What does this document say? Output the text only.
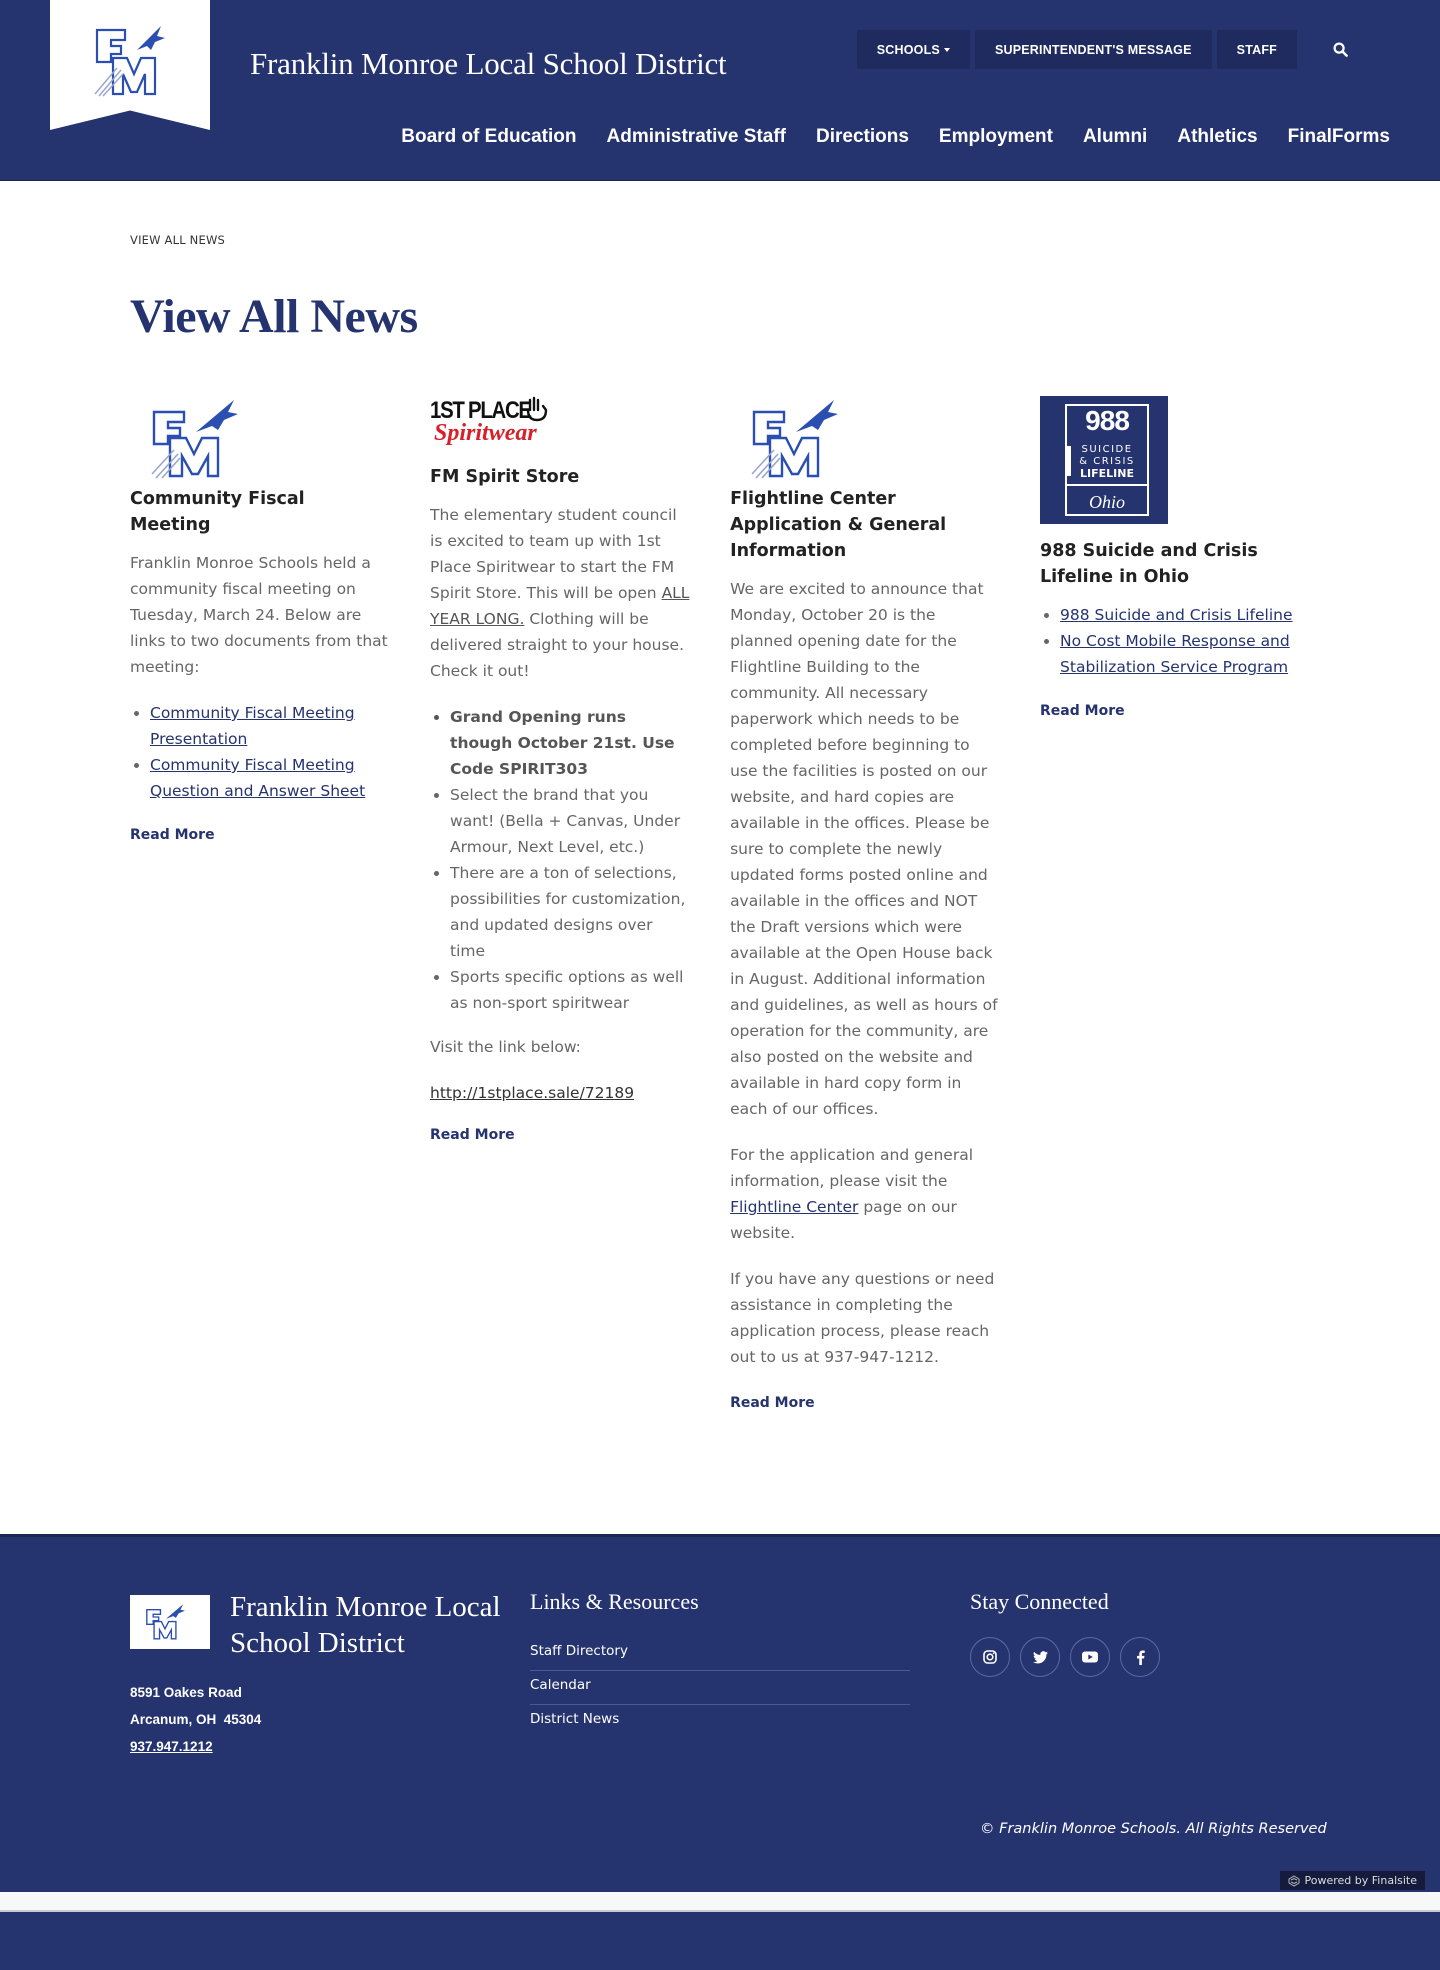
Franklin Monroe Local School District	SCHOOLS	SUPERINTENDENT'S MESSAGE	STAFF
Board of Education	Administrative Staff	Directions	Employment	Alumni	Athletics	FinalForms
VIEW ALL NEWS
View All News
Community Fiscal Meeting

Franklin Monroe Schools held a community fiscal meeting on Tuesday, March 24. Below are links to two documents from that meeting:

• Community Fiscal Meeting Presentation
• Community Fiscal Meeting Question and Answer Sheet
Read More
1ST PLACE
Spiritwear
FM Spirit Store

The elementary student council is excited to team up with 1st Place Spiritwear to start the FM Spirit Store. This will be open ALL YEAR LONG. Clothing will be delivered straight to your house. Check it out!

• Grand Opening runs though October 21st. Use Code SPIRIT303
• Select the brand that you want! (Bella + Canvas, Under Armour, Next Level, etc.)
• There are a ton of selections, possibilities for customization, and updated designs over time
• Sports specific options as well as non-sport spiritwear

Visit the link below:

http://1stplace.sale/72189

Read More
Flightline Center Application & General Information

We are excited to announce that Monday, October 20 is the planned opening date for the Flightline Building to the community. All necessary paperwork which needs to be completed before beginning to use the facilities is posted on our website, and hard copies are available in the offices. Please be sure to complete the newly updated forms posted online and available in the offices and NOT the Draft versions which were available at the Open House back in August. Additional information and guidelines, as well as hours of operation for the community, are also posted on the website and available in hard copy form in each of our offices.

For the application and general information, please visit the Flightline Center page on our website.

If you have any questions or need assistance in completing the application process, please reach out to us at 937-947-1212.

Read More
988
SUICIDE
& CRISIS
LIFELINE
Ohio
988 Suicide and Crisis Lifeline in Ohio
• 988 Suicide and Crisis Lifeline
• No Cost Mobile Response and Stabilization Service Program
Read More
Franklin Monroe Local School District
8591 Oakes Road
Arcanum, OH  45304
937.947.1212
Links & Resources
Staff Directory
Calendar
District News
Stay Connected
© Franklin Monroe Schools. All Rights Reserved
Powered by Finalsite
